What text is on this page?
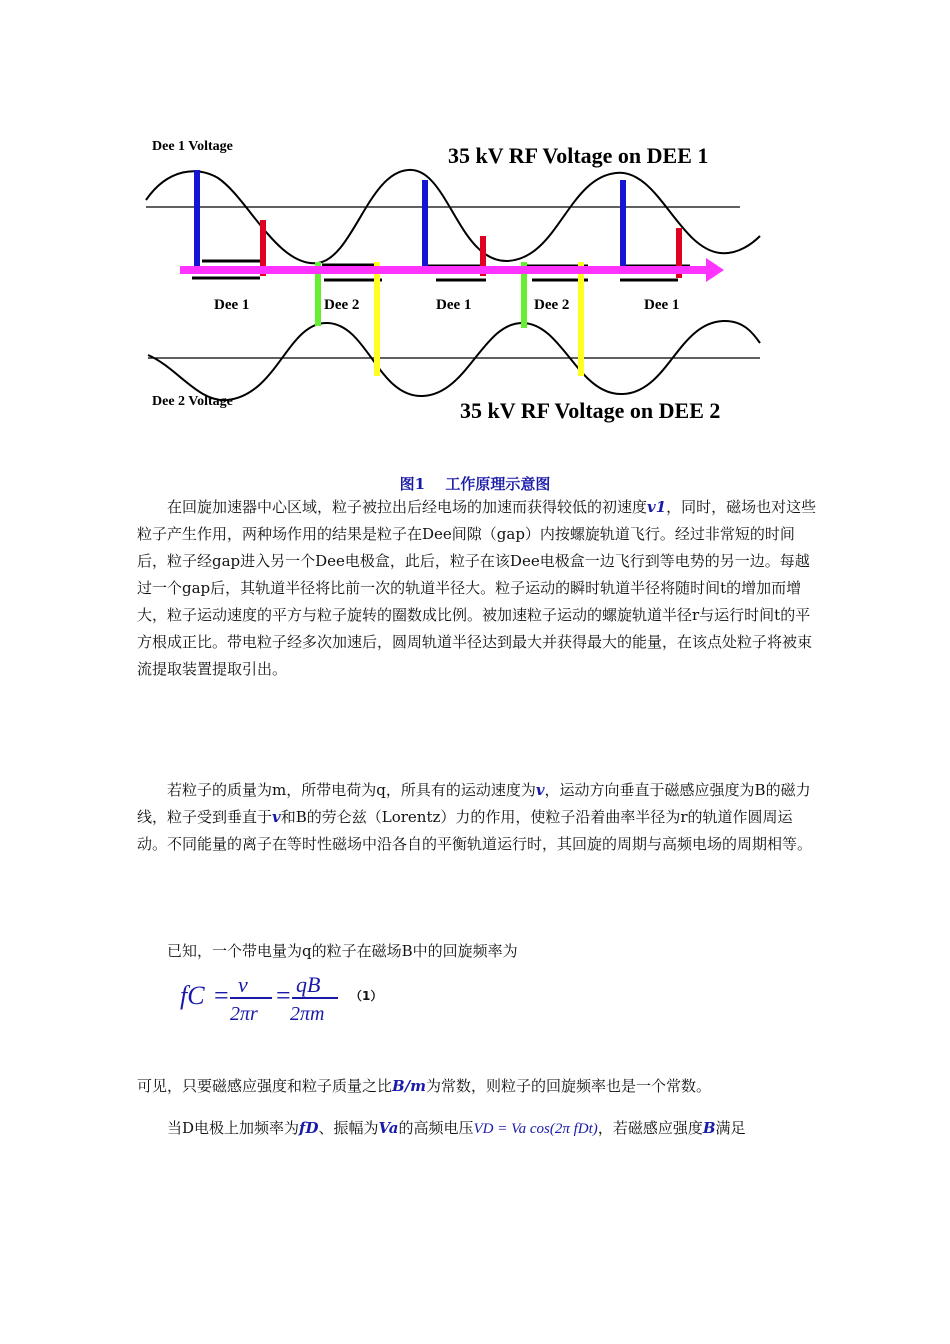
Dee 1 Voltage	35 kV RF Voltage on DEE 1
Dee 2 Voltage	35 kV RF Voltage on DEE 2
Dee 1	Dee 2	Dee 1	Dee 2	Dee 1
图1　 工作原理示意图

在回旋加速器中心区域，粒子被拉出后经电场的加速而获得较低的初速度v1，同时，磁场也对这些粒子产生作用，两种场作用的结果是粒子在Dee间隙（gap）内按螺旋轨道飞行。经过非常短的时间后，粒子经gap进入另一个Dee电极盒，此后，粒子在该Dee电极盒一边飞行到等电势的另一边。每越过一个gap后，其轨道半径将比前一次的轨道半径大。粒子运动的瞬时轨道半径将随时间t的增加而增大，粒子运动速度的平方与粒子旋转的圈数成比例。被加速粒子运动的螺旋轨道半径r与运行时间t的平方根成正比。带电粒子经多次加速后，圆周轨道半径达到最大并获得最大的能量，在该点处粒子将被束流提取装置提取引出。

若粒子的质量为m，所带电荷为q，所具有的运动速度为v，运动方向垂直于磁感应强度为B的磁力线，粒子受到垂直于v和B的劳仑兹（Lorentz）力的作用，使粒子沿着曲率半径为r的轨道作圆周运动。不同能量的离子在等时性磁场中沿各自的平衡轨道运行时，其回旋的周期与高频电场的周期相等。

已知，一个带电量为q的粒子在磁场B中的回旋频率为

fC = v
2πr
= qB
2πm
（1）

可见，只要磁感应强度和粒子质量之比B/m为常数，则粒子的回旋频率也是一个常数。

当D电极上加频率为fD、振幅为Va的高频电压VD = Va cos(2π fDt)，若磁感应强度B满足
